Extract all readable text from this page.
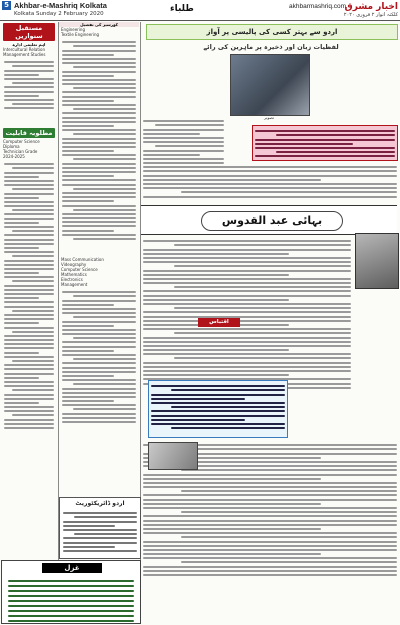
5 Akhbar-e-Mashriq Kolkata
Kolkata Sunday 2 February 2020	طلباء	akhbarmashriq.com
اخبار مشرق
کلکتہ اتوار ۲ فروری ۲۰۲۰
مستقبل سنواریں
اہم تعلیمی ادارے
Intercultural Relation
Management Studies
مطلوبہ قابلیت
Computer Science
Diploma
Technician Grade
2024-2025
کورسیز کی تفصیل
Engineering
Textile Engineering
Mass Communication
Videography
Computer Science
Mathematics
Electronics
Management
اردو ڈائریکٹوریٹ
اردو سے بہتر کسی کی پالیسی پر آواز
لفظیات زبان اور ذخیرہ پر ماہرین کی رائے
تصویر
بہائی عبد القدوس
اقتباس
غزل
